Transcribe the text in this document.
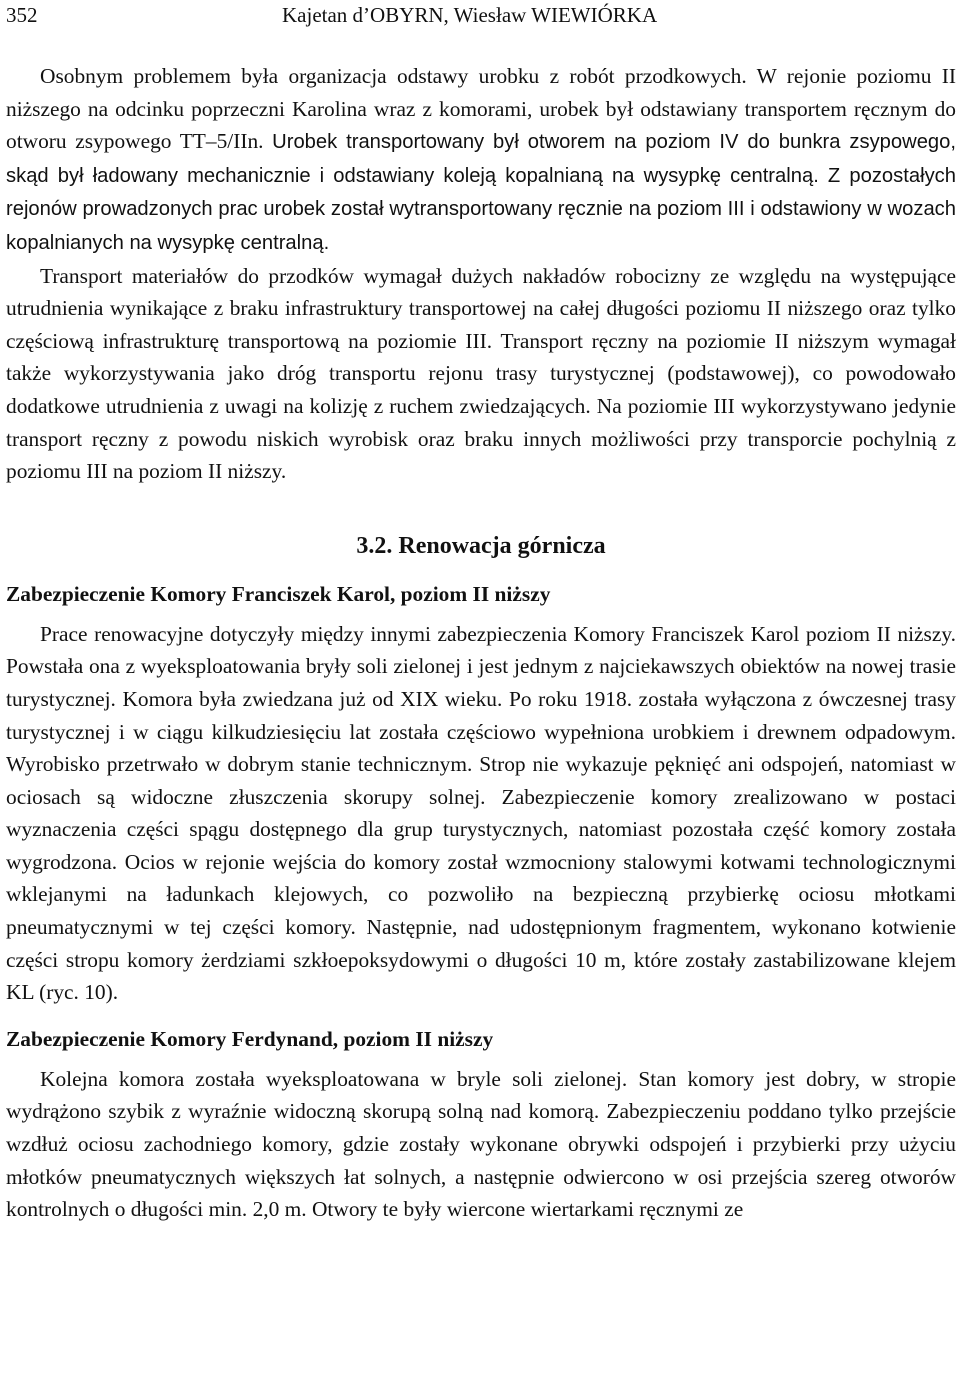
352	Kajetan d’OBYRN, Wiesław WIEWIÓRKA

Osobnym problemem była organizacja odstawy urobku z robót przodkowych. W rejonie poziomu II niższego na odcinku poprzeczni Karolina wraz z komorami, urobek był odstawiany transportem ręcznym do otworu zsypowego TT–5/IIn. Urobek transportowany był otworem na poziom IV do bunkra zsypowego, skąd był ładowany mechanicznie i odstawiany koleją kopalnianą na wysypkę centralną. Z pozostałych rejonów prowadzonych prac urobek został wytransportowany ręcznie na poziom III i odstawiony w wozach kopalnianych na wysypkę centralną.

Transport materiałów do przodków wymagał dużych nakładów robocizny ze względu na występujące utrudnienia wynikające z braku infrastruktury transportowej na całej długości poziomu II niższego oraz tylko częściową infrastrukturę transportową na poziomie III. Transport ręczny na poziomie II niższym wymagał także wykorzystywania jako dróg transportu rejonu trasy turystycznej (podstawowej), co powodowało dodatkowe utrudnienia z uwagi na kolizję z ruchem zwiedzających. Na poziomie III wykorzystywano jedynie transport ręczny z powodu niskich wyrobisk oraz braku innych możliwości przy transporcie pochylnią z poziomu III na poziom II niższy.

3.2. Renowacja górnicza
Zabezpieczenie Komory Franciszek Karol, poziom II niższy

Prace renowacyjne dotyczyły między innymi zabezpieczenia Komory Franciszek Karol poziom II niższy. Powstała ona z wyeksploatowania bryły soli zielonej i jest jednym z najciekawszych obiektów na nowej trasie turystycznej. Komora była zwiedzana już od XIX wieku. Po roku 1918. została wyłączona z ówczesnej trasy turystycznej i w ciągu kilkudziesięciu lat została częściowo wypełniona urobkiem i drewnem odpadowym. Wyrobisko przetrwało w dobrym stanie technicznym. Strop nie wykazuje pęknięć ani odspojeń, natomiast w ociosach są widoczne złuszczenia skorupy solnej. Zabezpieczenie komory zrealizowano w postaci wyznaczenia części spągu dostępnego dla grup turystycznych, natomiast pozostała część komory została wygrodzona. Ocios w rejonie wejścia do komory został wzmocniony stalowymi kotwami technologicznymi wklejanymi na ładunkach klejowych, co pozwoliło na bezpieczną przybierkę ociosu młotkami pneumatycznymi w tej części komory. Następnie, nad udostępnionym fragmentem, wykonano kotwienie części stropu komory żerdziami szkłoepoksydowymi o długości 10 m, które zostały zastabilizowane klejem KL (ryc. 10).

Zabezpieczenie Komory Ferdynand, poziom II niższy

Kolejna komora została wyeksploatowana w bryle soli zielonej. Stan komory jest dobry, w stropie wydrążono szybik z wyraźnie widoczną skorupą solną nad komorą. Zabezpieczeniu poddano tylko przejście wzdłuż ociosu zachodniego komory, gdzie zostały wykonane obrywki odspojeń i przybierki przy użyciu młotków pneumatycznych większych łat solnych, a następnie odwiercono w osi przejścia szereg otworów kontrolnych o długości min. 2,0 m. Otwory te były wiercone wiertarkami ręcznymi ze
